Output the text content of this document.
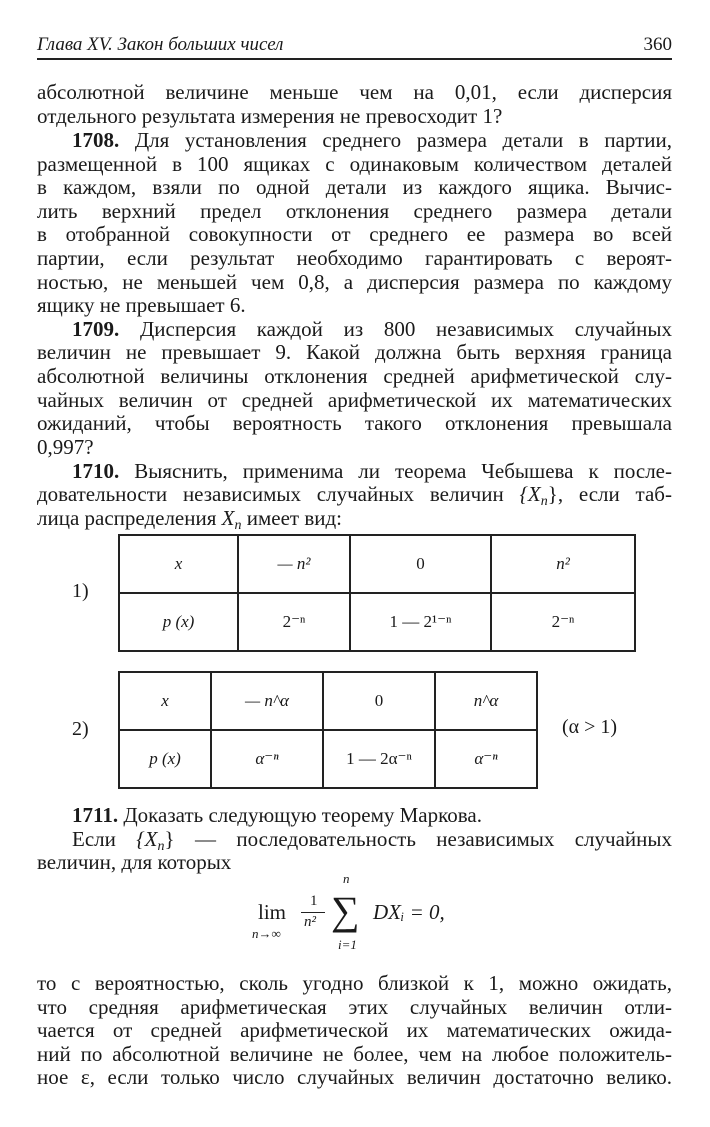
Глава XV. Закон больших чисел	360
абсолютной величине меньше чем на 0,01, если дисперсия
отдельного результата измерения не превосходит 1?
1708. Для установления среднего размера детали в партии,
размещенной в 100 ящиках с одинаковым количеством деталей
в каждом, взяли по одной детали из каждого ящика. Вычис-
лить верхний предел отклонения среднего размера детали
в отобранной совокупности от среднего ее размера во всей
партии, если результат необходимо гарантировать с вероят-
ностью, не меньшей чем 0,8, а дисперсия размера по каждому
ящику не превышает 6.
1709. Дисперсия каждой из 800 независимых случайных
величин не превышает 9. Какой должна быть верхняя граница
абсолютной величины отклонения средней арифметической слу-
чайных величин от средней арифметической их математических
ожиданий, чтобы вероятность такого отклонения превышала
0,997?
1710. Выяснить, применима ли теорема Чебышева к после-
довательности независимых случайных величин $\{X_n\}$, если таб-
лица распределения $X_n$ имеет вид:
1)
x	— n²	0	n²
p (x)	2⁻ⁿ	1 — 2¹⁻ⁿ	2⁻ⁿ
2)
x	— n^α	0	n^α
p (x)	α⁻ⁿ	1 — 2α⁻ⁿ	α⁻ⁿ
(α > 1)
1711. Доказать следующую теорему Маркова.
Если $\{X_n\}$ — последовательность независимых случайных
величин, для которых
lim
n→∞
1
n²
n
∑
i=1
DXᵢ = 0,
то с вероятностью, сколь угодно близкой к 1, можно ожидать,
что средняя арифметическая этих случайных величин отли-
чается от средней арифметической их математических ожида-
ний по абсолютной величине не более, чем на любое положитель-
ное ε, если только число случайных величин достаточно велико.
